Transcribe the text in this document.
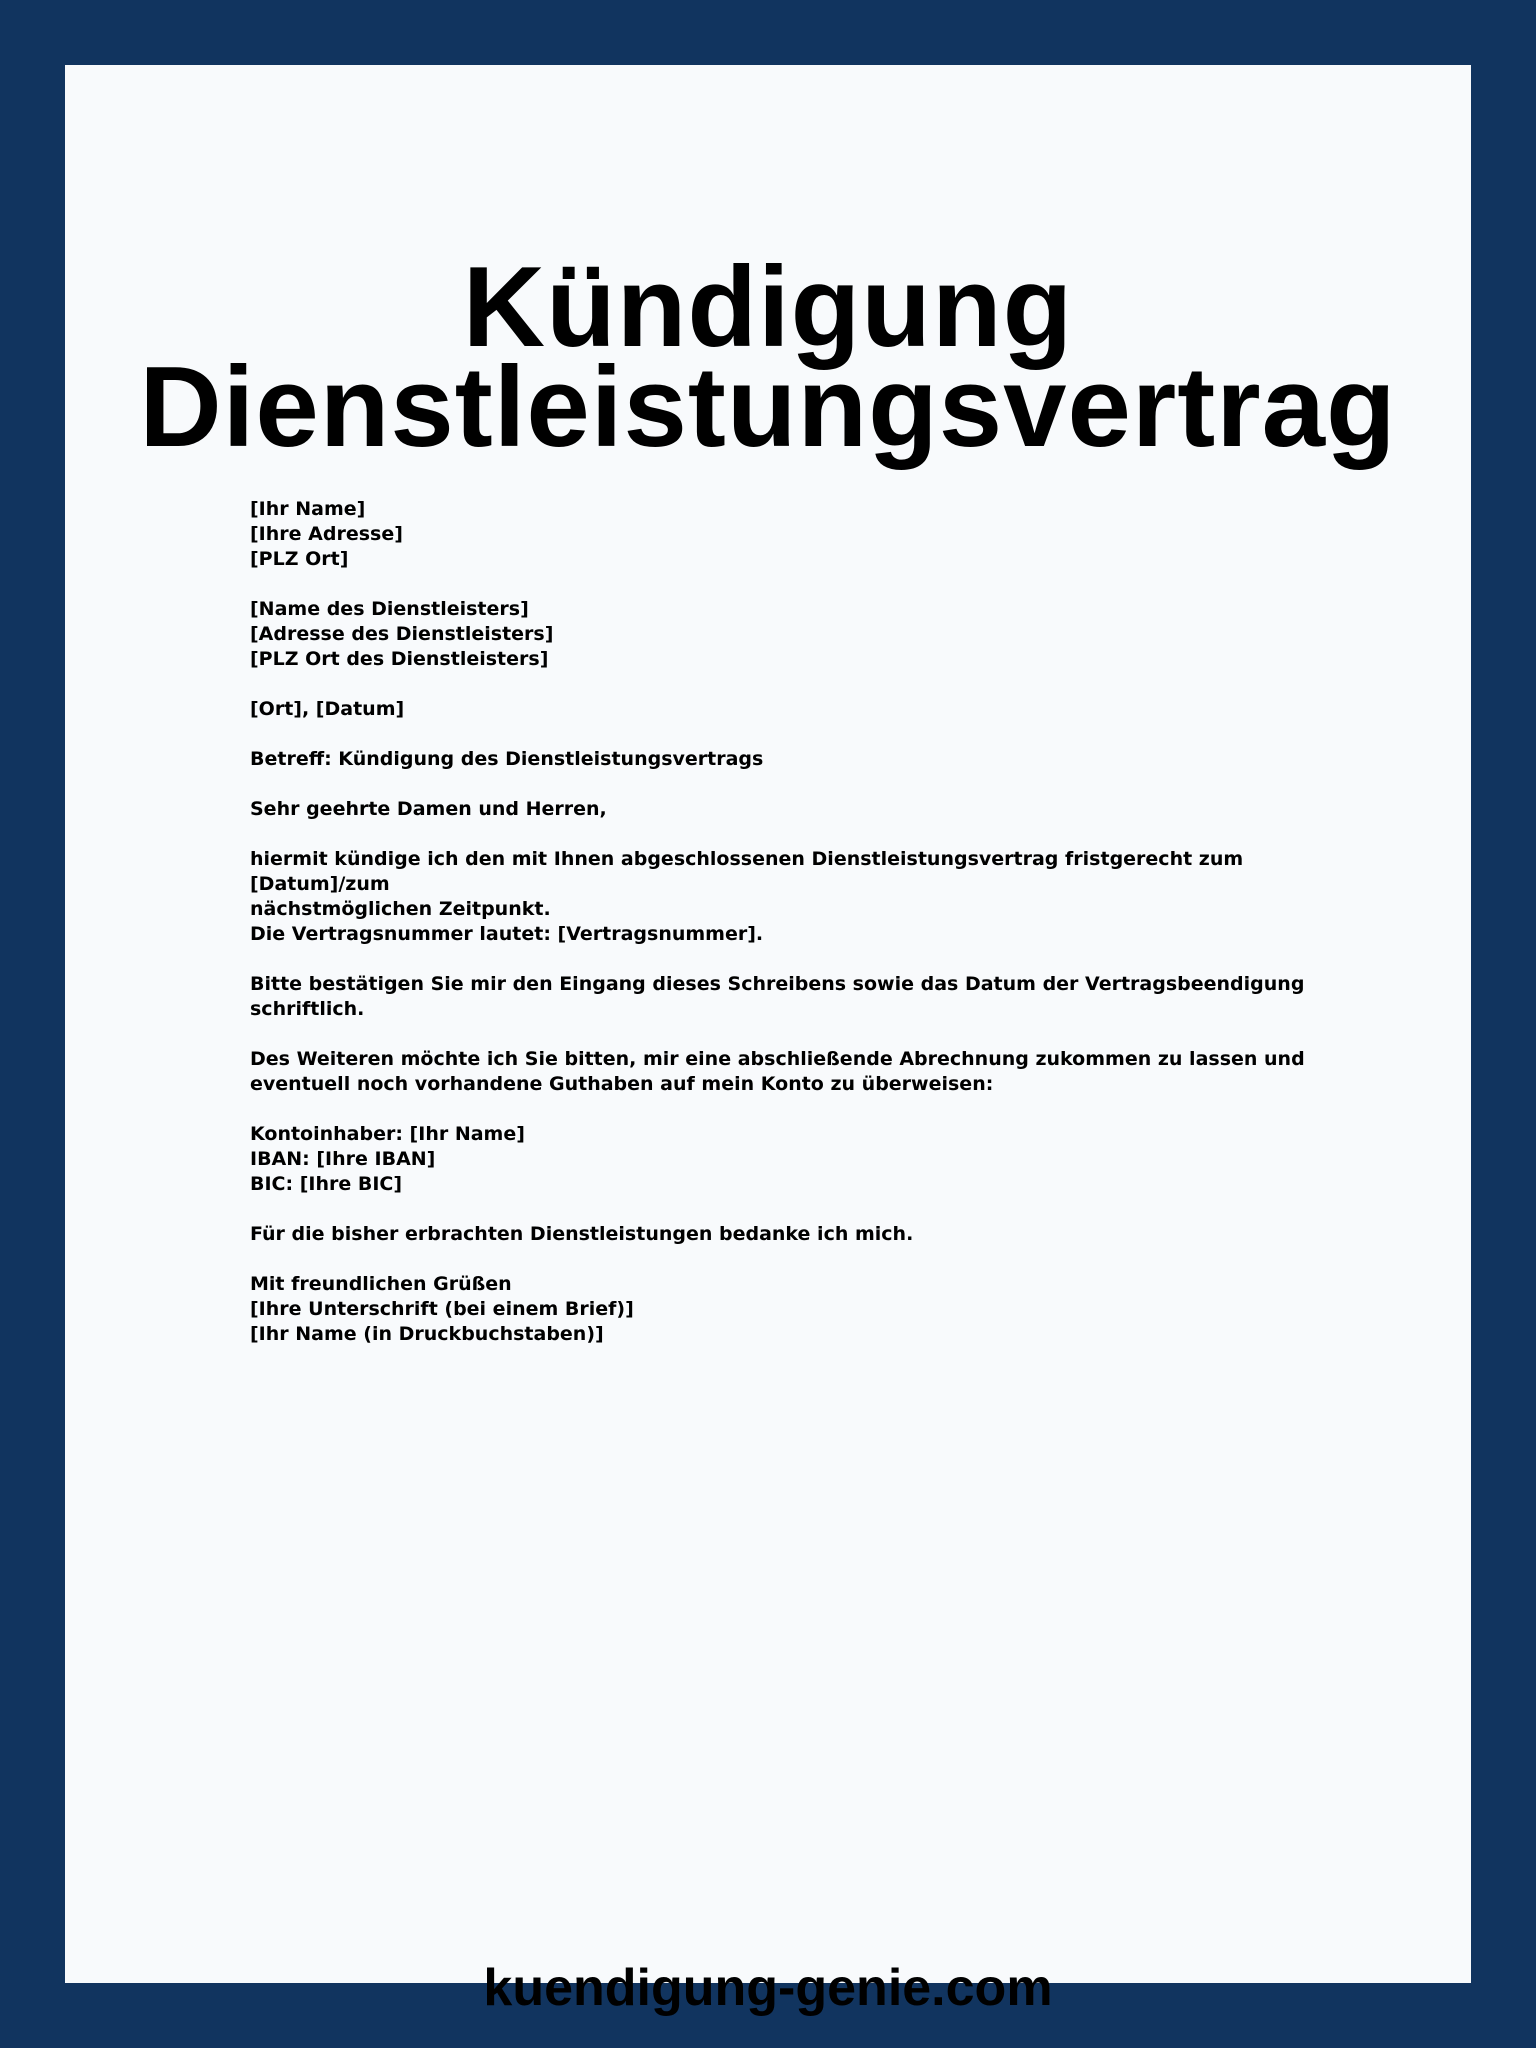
Kündigung
Dienstleistungsvertrag

[Ihr Name]
[Ihre Adresse]
[PLZ Ort]

[Name des Dienstleisters]
[Adresse des Dienstleisters]
[PLZ Ort des Dienstleisters]

[Ort], [Datum]

Betreff: Kündigung des Dienstleistungsvertrags

Sehr geehrte Damen und Herren,

hiermit kündige ich den mit Ihnen abgeschlossenen Dienstleistungsvertrag fristgerecht zum [Datum]/zum
nächstmöglichen Zeitpunkt.
Die Vertragsnummer lautet: [Vertragsnummer].

Bitte bestätigen Sie mir den Eingang dieses Schreibens sowie das Datum der Vertragsbeendigung
schriftlich.

Des Weiteren möchte ich Sie bitten, mir eine abschließende Abrechnung zukommen zu lassen und
eventuell noch vorhandene Guthaben auf mein Konto zu überweisen:

Kontoinhaber: [Ihr Name]
IBAN: [Ihre IBAN]
BIC: [Ihre BIC]

Für die bisher erbrachten Dienstleistungen bedanke ich mich.

Mit freundlichen Grüßen
[Ihre Unterschrift (bei einem Brief)]
[Ihr Name (in Druckbuchstaben)]

kuendigung-genie.com
